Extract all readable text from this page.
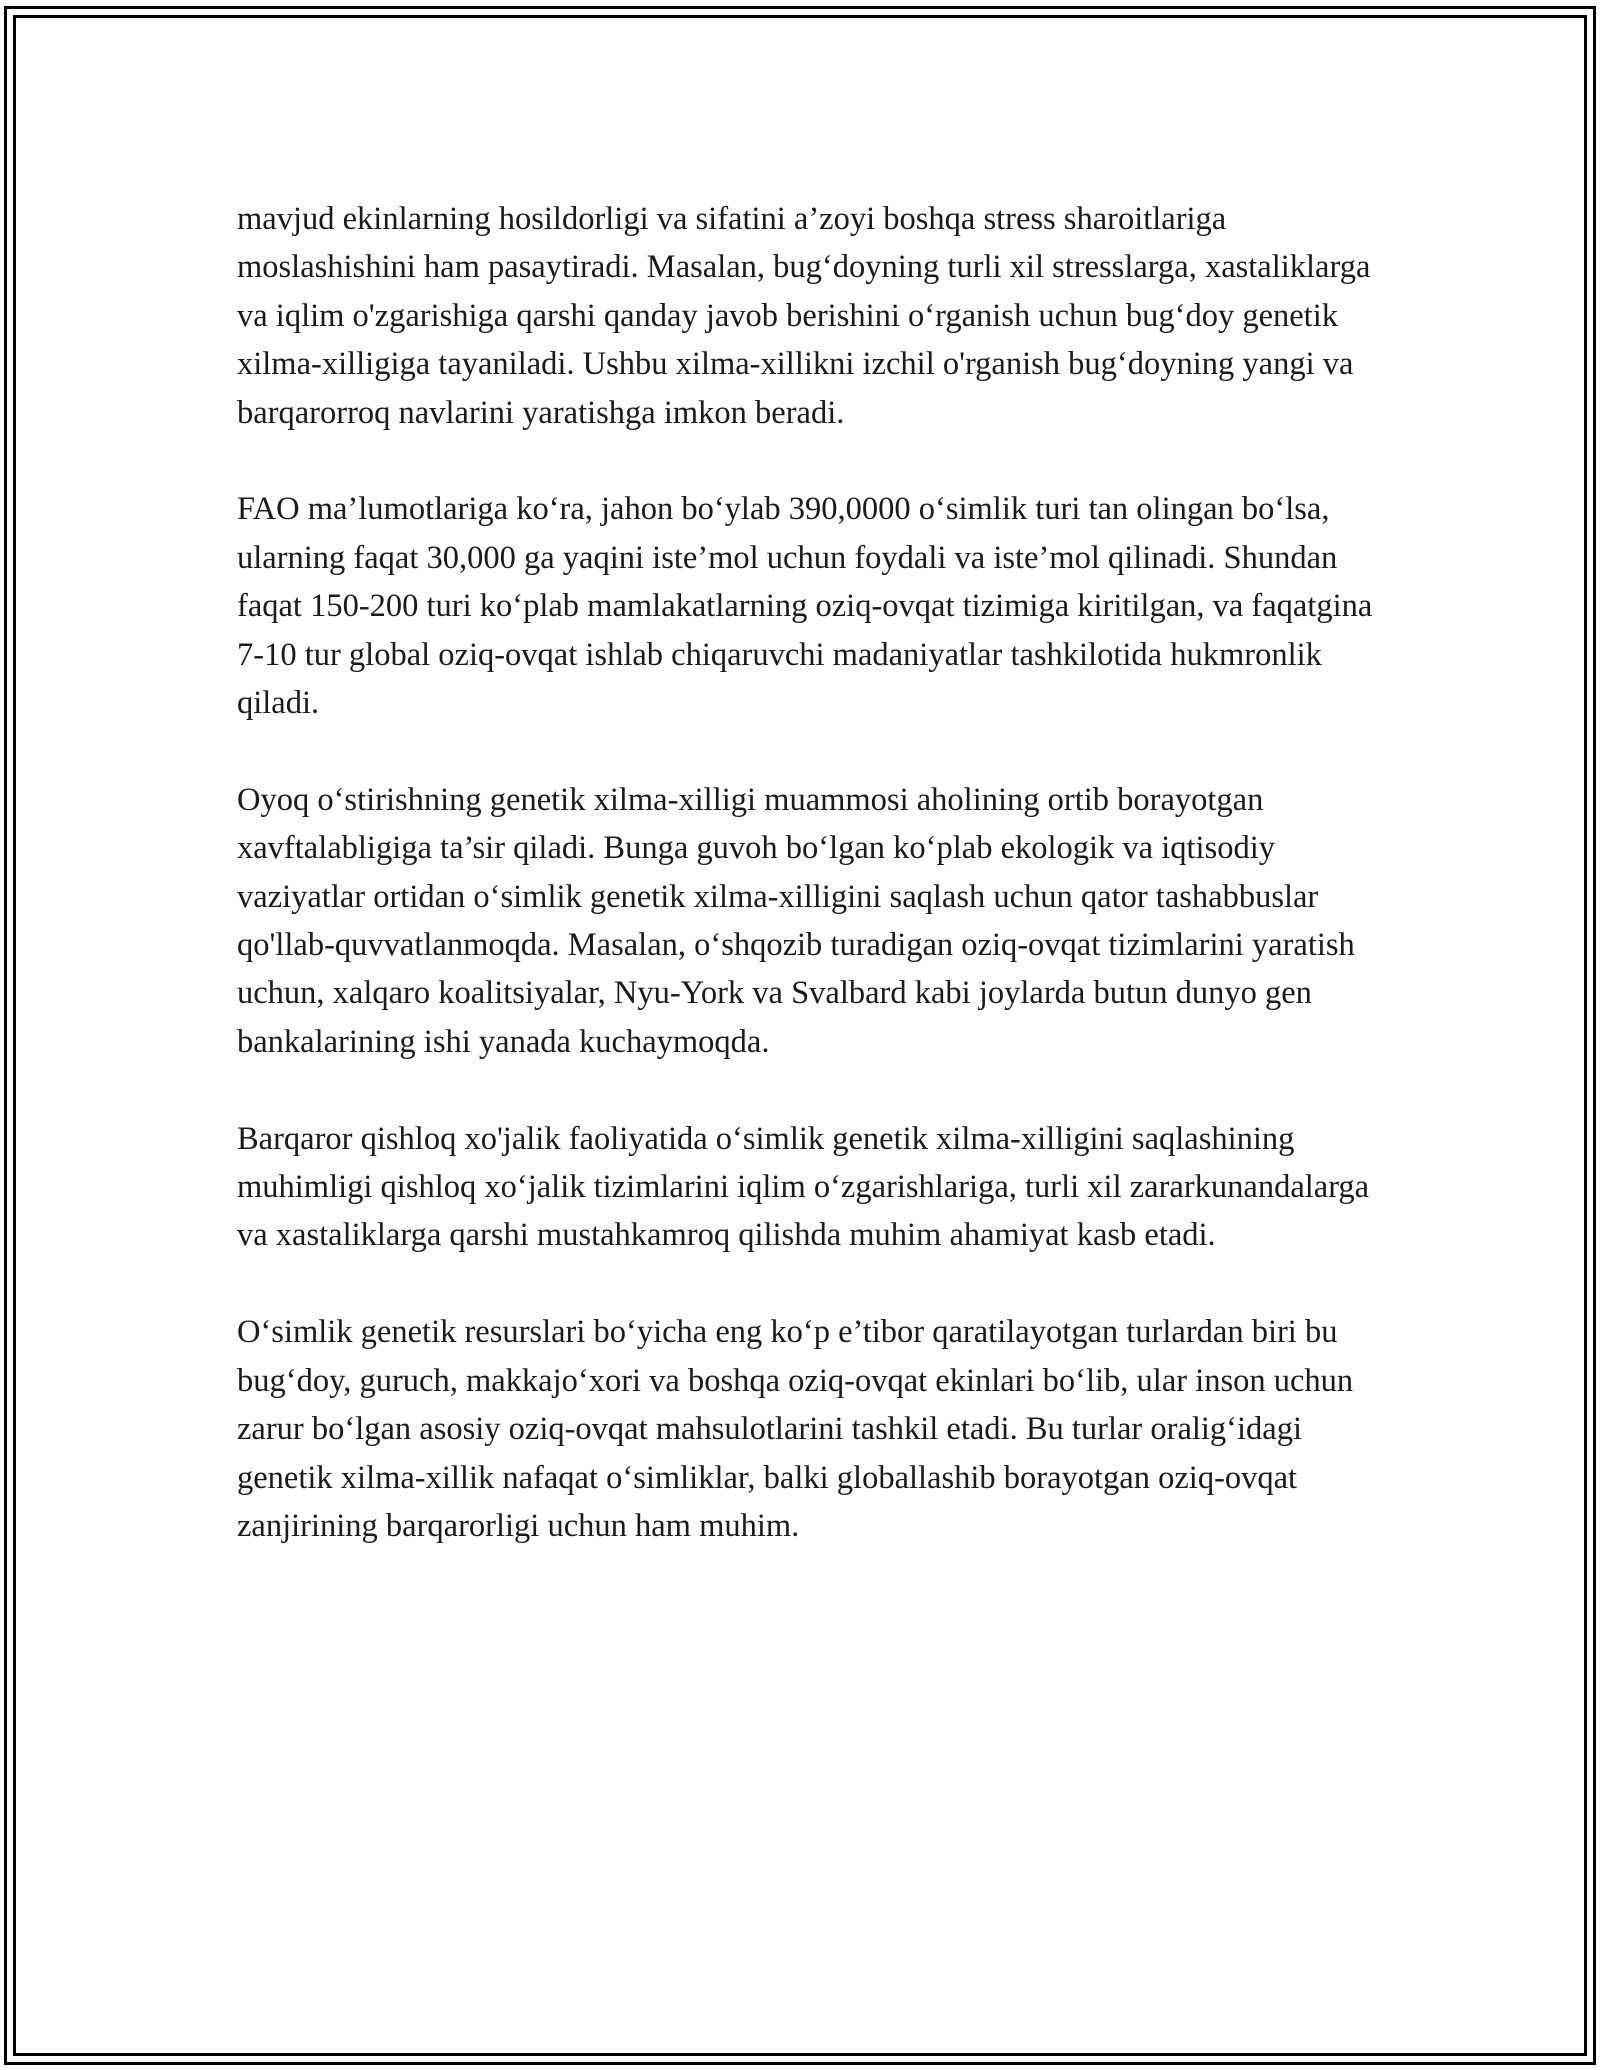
mavjud ekinlarning hosildorligi va sifatini a’zoyi boshqa stress sharoitlariga moslashishini ham pasaytiradi. Masalan, bug‘doyning turli xil stresslarga, xastaliklarga va iqlim o'zgarishiga qarshi qanday javob berishini o‘rganish uchun bug‘doy genetik xilma-xilligiga tayaniladi. Ushbu xilma-xillikni izchil o'rganish bug‘doyning yangi va barqarorroq navlarini yaratishga imkon beradi.

FAO ma’lumotlariga ko‘ra, jahon bo‘ylab 390,0000 o‘simlik turi tan olingan bo‘lsa, ularning faqat 30,000 ga yaqini iste’mol uchun foydali va iste’mol qilinadi. Shundan faqat 150-200 turi ko‘plab mamlakatlarning oziq-ovqat tizimiga kiritilgan, va faqatgina 7-10 tur global oziq-ovqat ishlab chiqaruvchi madaniyatlar tashkilotida hukmronlik qiladi.

Oyoq o‘stirishning genetik xilma-xilligi muammosi aholining ortib borayotgan xavftalabligiga ta’sir qiladi. Bunga guvoh bo‘lgan ko‘plab ekologik va iqtisodiy vaziyatlar ortidan o‘simlik genetik xilma-xilligini saqlash uchun qator tashabbuslar qo'llab-quvvatlanmoqda. Masalan, o‘shqozib turadigan oziq-ovqat tizimlarini yaratish uchun, xalqaro koalitsiyalar, Nyu-York va Svalbard kabi joylarda butun dunyo gen bankalarining ishi yanada kuchaymoqda.

Barqaror qishloq xo'jalik faoliyatida o‘simlik genetik xilma-xilligini saqlashining muhimligi qishloq xo‘jalik tizimlarini iqlim o‘zgarishlariga, turli xil zararkunandalarga va xastaliklarga qarshi mustahkamroq qilishda muhim ahamiyat kasb etadi.

O‘simlik genetik resurslari bo‘yicha eng ko‘p e’tibor qaratilayotgan turlardan biri bu bug‘doy, guruch, makkajo‘xori va boshqa oziq-ovqat ekinlari bo‘lib, ular inson uchun zarur bo‘lgan asosiy oziq-ovqat mahsulotlarini tashkil etadi. Bu turlar oralig‘idagi genetik xilma-xillik nafaqat o‘simliklar, balki globallashib borayotgan oziq-ovqat zanjirining barqarorligi uchun ham muhim.
